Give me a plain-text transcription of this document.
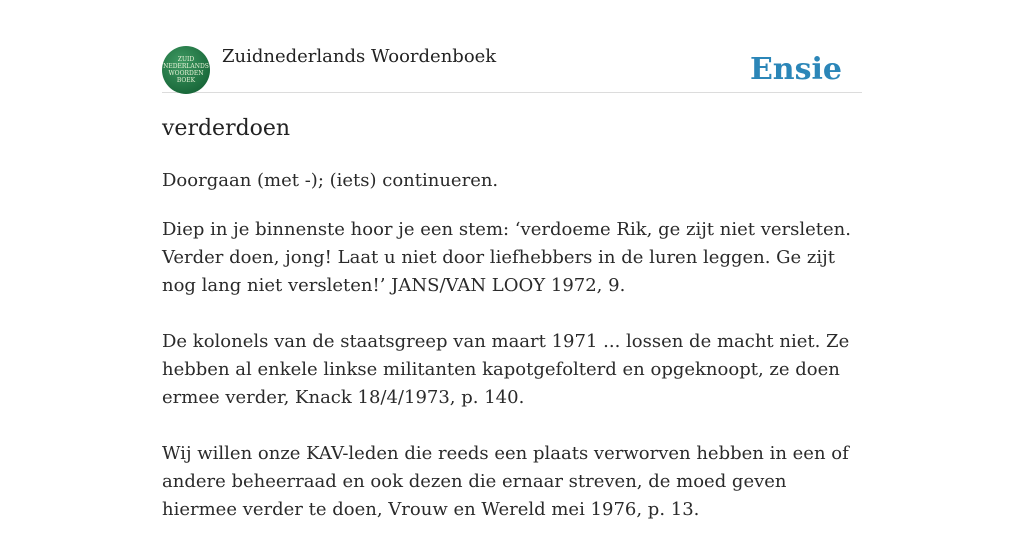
ZUID
NEDERLANDS
WOORDEN
BOEK
Zuidnederlands Woordenboek	Ensie
verderdoen
Doorgaan (met -); (iets) continueren.

Diep in je binnenste hoor je een stem: ‘verdoeme Rik, ge zijt niet versleten. Verder doen, jong! Laat u niet door liefhebbers in de luren leggen. Ge zijt nog lang niet versleten!’ JANS/VAN LOOY 1972, 9.

De kolonels van de staatsgreep van maart 1971 ... lossen de macht niet. Ze hebben al enkele linkse militanten kapotgefolterd en opgeknoopt, ze doen ermee verder, Knack 18/4/1973, p. 140.

Wij willen onze KAV-leden die reeds een plaats verworven hebben in een of andere beheerraad en ook dezen die ernaar streven, de moed geven hiermee verder te doen, Vrouw en Wereld mei 1976, p. 13.
